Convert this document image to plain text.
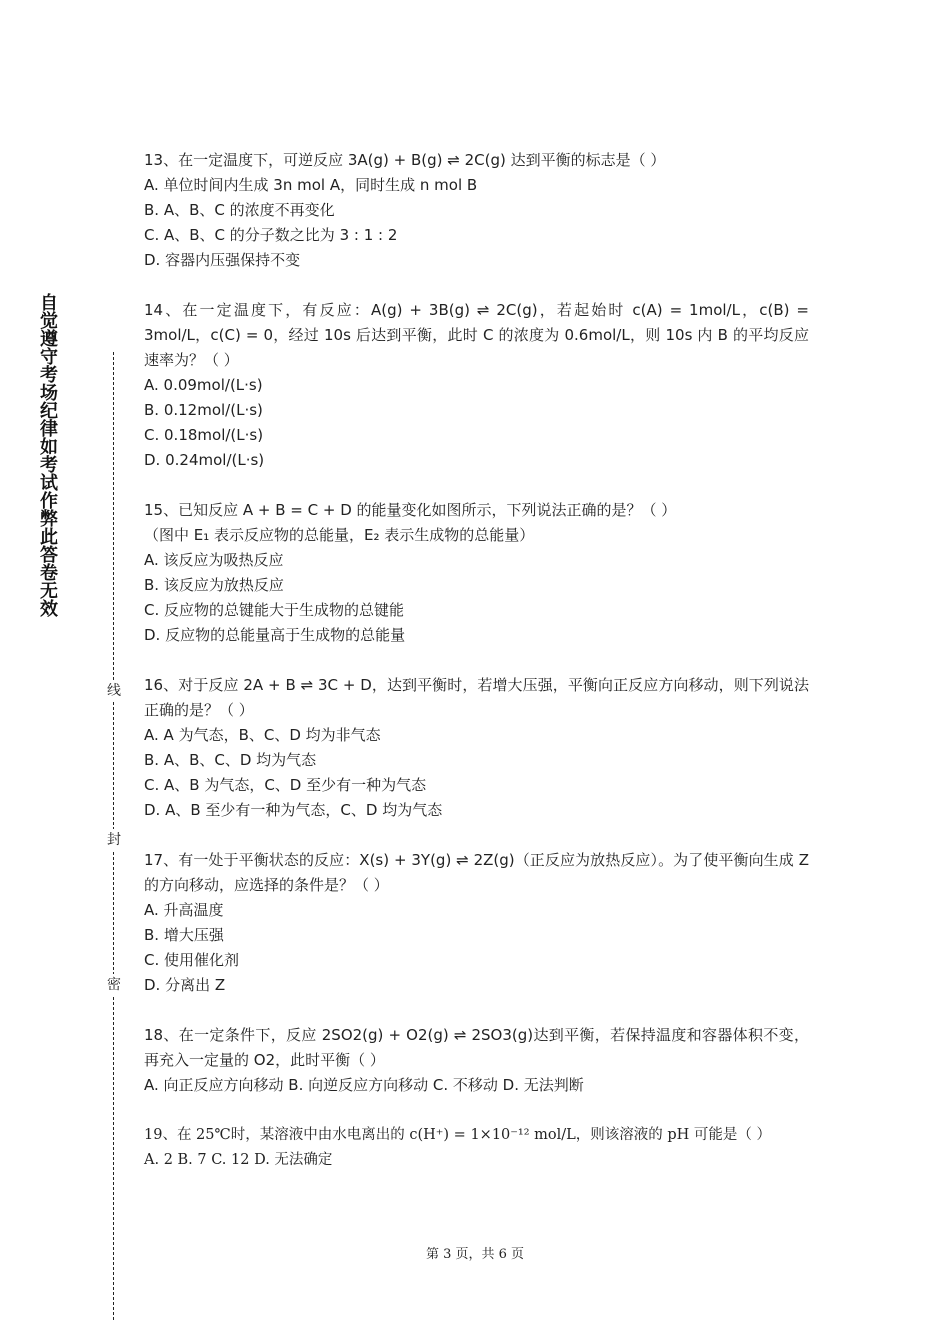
自觉遵守考场纪律如考试作弊此答卷无效
线
封
密
13、在一定温度下，可逆反应 3A(g) + B(g) ⇌ 2C(g) 达到平衡的标志是（ ）
A. 单位时间内生成 3n mol A，同时生成 n mol B
B. A、B、C 的浓度不再变化
C. A、B、C 的分子数之比为 3 : 1 : 2
D. 容器内压强保持不变
14、在一定温度下，有反应：A(g) + 3B(g) ⇌ 2C(g)，若起始时 c(A) = 1mol/L，c(B) = 3mol/L，c(C) = 0，经过 10s 后达到平衡，此时 C 的浓度为 0.6mol/L，则 10s 内 B 的平均反应速率为？（ ）
A. 0.09mol/(L·s)
B. 0.12mol/(L·s)
C. 0.18mol/(L·s)
D. 0.24mol/(L·s)
15、已知反应 A + B = C + D 的能量变化如图所示，下列说法正确的是？（ ）
（图中 E₁ 表示反应物的总能量，E₂ 表示生成物的总能量）
A. 该反应为吸热反应
B. 该反应为放热反应
C. 反应物的总键能大于生成物的总键能
D. 反应物的总能量高于生成物的总能量
16、对于反应 2A + B ⇌ 3C + D，达到平衡时，若增大压强，平衡向正反应方向移动，则下列说法正确的是？（ ）
A. A 为气态，B、C、D 均为非气态
B. A、B、C、D 均为气态
C. A、B 为气态，C、D 至少有一种为气态
D. A、B 至少有一种为气态，C、D 均为气态
17、有一处于平衡状态的反应：X(s) + 3Y(g) ⇌ 2Z(g)（正反应为放热反应）。为了使平衡向生成 Z 的方向移动，应选择的条件是？（ ）
A. 升高温度
B. 增大压强
C. 使用催化剂
D. 分离出 Z
18、在一定条件下，反应 2SO2(g) + O2(g) ⇌ 2SO3(g)达到平衡，若保持温度和容器体积不变，再充入一定量的 O2，此时平衡（ ）
A. 向正反应方向移动 B. 向逆反应方向移动 C. 不移动 D. 无法判断
19、在 25℃时，某溶液中由水电离出的 c(H⁺) = 1×10⁻¹² mol/L，则该溶液的 pH 可能是（ ）
A. 2 B. 7 C. 12 D. 无法确定
第 3 页，共 6 页
